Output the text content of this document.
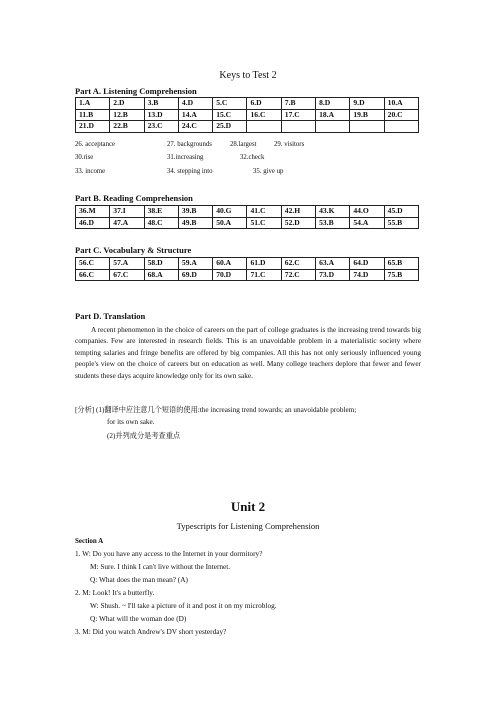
Keys to Test 2
Part A. Listening Comprehension
1.A	2.D	3.B	4.D	5.C	6.D	7.B	8.D	9.D	10.A
11.B	12.B	13.D	14.A	15.C	16.C	17.C	18.A	19.B	20.C
21.D	22.B	23.C	24.C	25.D					
26. acceptance	27. backgrounds	28.largest	29. visitors
30.rise	31.increasing	32.check
33. income	34. stepping into	35. give up
Part B. Reading Comprehension
36.M	37.I	38.E	39.B	40.G	41.C	42.H	43.K	44.O	45.D
46.D	47.A	48.C	49.B	50.A	51.C	52.D	53.B	54.A	55.B
Part C. Vocabulary & Structure
56.C	57.A	58.D	59.A	60.A	61.D	62.C	63.A	64.D	65.B
66.C	67.C	68.A	69.D	70.D	71.C	72.C	73.D	74.D	75.B
Part D. Translation
A recent phenomenon in the choice of careers on the part of college graduates is the increasing trend towards big companies. Few are interested in research fields. This is an unavoidable problem in a materialistic society where tempting salaries and fringe benefits are offered by big companies. All this has not only seriously influenced young people's view on the choice of careers but on education as well. Many college teachers deplore that fewer and fewer students these days acquire knowledge only for its own sake.
[分析] (1)翻译中应注意几个短语的使用:the increasing trend towards; an unavoidable problem;
for its own sake.
(2)并列成分是考查重点
Unit 2
Typescripts for Listening Comprehension
Section A
1. W: Do you have any access to the Internet in your dormitory?
M: Sure. I think I can't live without the Internet.
Q: What does the man mean? (A)
2. M: Look! It's a butterfly.
W: Shush. ~ I'll take a picture of it and post it on my microblog.
Q: What will the woman doe (D)
3. M: Did you watch Andrew's DV short yesterday?
